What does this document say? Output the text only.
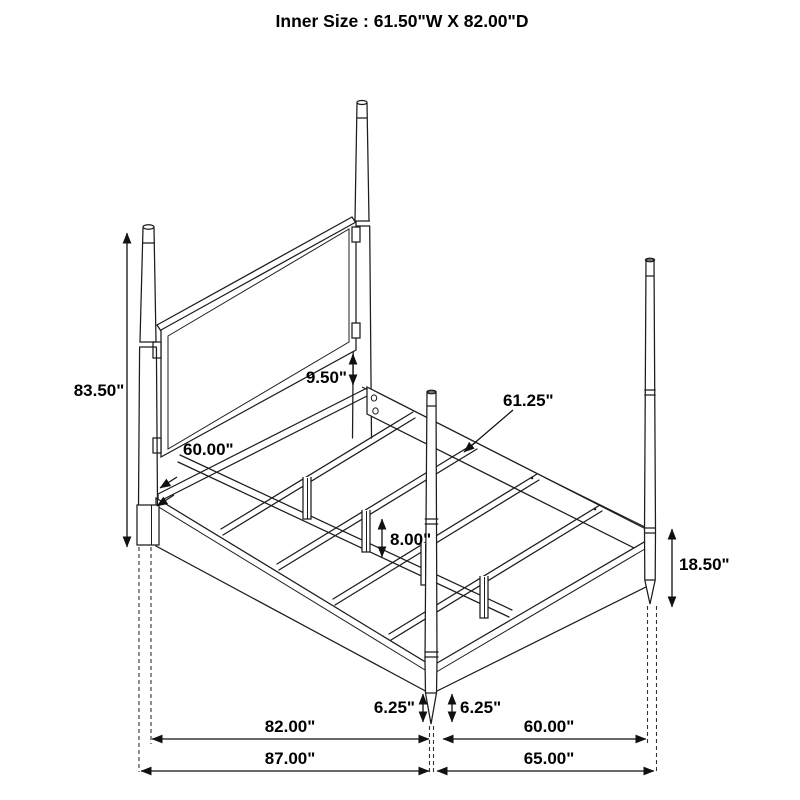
Inner Size : 61.50"W X 82.00"D
83.50"
9.50"
60.00"
61.25"
8.00"
18.50"
6.25"	6.25"
82.00"
87.00"
60.00"
65.00"
